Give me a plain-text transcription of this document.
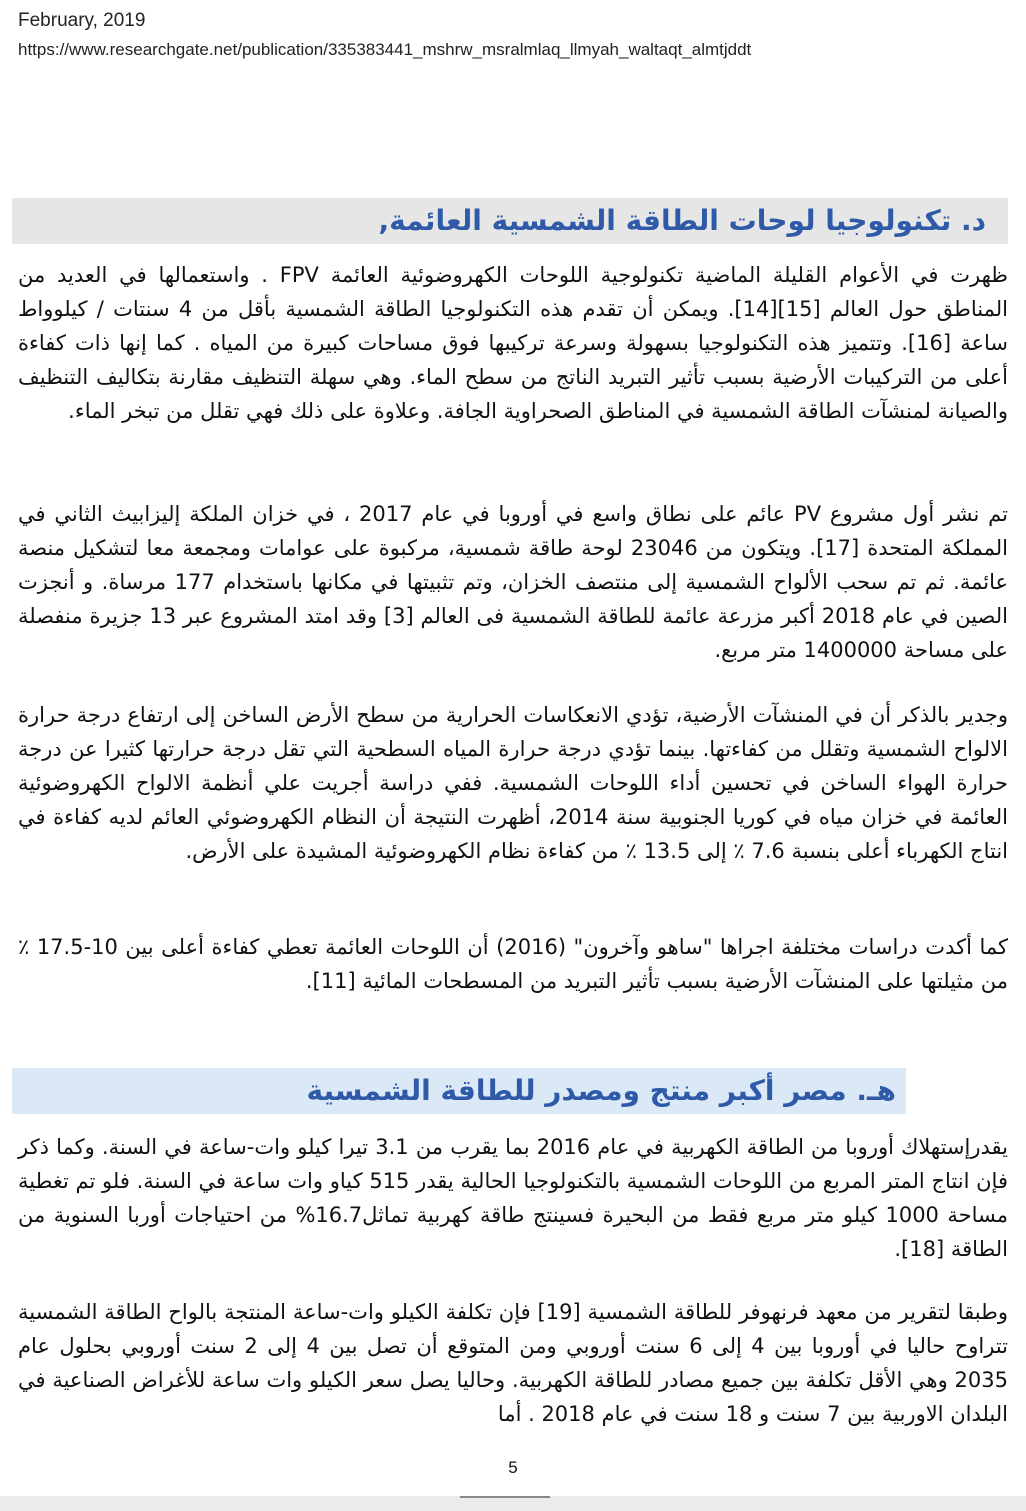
February, 2019
https://www.researchgate.net/publication/335383441_mshrw_msralmlaq_llmyah_waltaqt_almtjddt
د. تكنولوجيا لوحات الطاقة الشمسية العائمة,

ظهرت في الأعوام القليلة الماضية تكنولوجية اللوحات الكهروضوئية العائمة FPV . واستعمالها في العديد من المناطق حول العالم [15][14]. ويمكن أن تقدم هذه التكنولوجيا الطاقة الشمسية بأقل من 4 سنتات / كيلوواط ساعة [16]. وتتميز هذه التكنولوجيا بسهولة وسرعة تركيبها فوق مساحات كبيرة من المياه . كما إنها ذات كفاءة أعلى من التركيبات الأرضية بسبب تأثير التبريد الناتج من سطح الماء. وهي سهلة التنظيف مقارنة بتكاليف التنظيف والصيانة لمنشآت الطاقة الشمسية في المناطق الصحراوية الجافة. وعلاوة على ذلك فهي تقلل من تبخر الماء.

تم نشر أول مشروع PV عائم على نطاق واسع في أوروبا في عام 2017 ، في خزان الملكة إليزابيث الثاني في المملكة المتحدة [17]. ويتكون من 23046 لوحة طاقة شمسية، مركبوة على عوامات ومجمعة معا لتشكيل منصة عائمة. ثم تم سحب الألواح الشمسية إلى منتصف الخزان، وتم تثبيتها في مكانها باستخدام 177 مرساة. و أنجزت الصين في عام 2018 أكبر مزرعة عائمة للطاقة الشمسية فى العالم [3] وقد امتد المشروع عبر 13 جزيرة منفصلة على مساحة 1400000 متر مربع.

وجدير بالذكر أن في المنشآت الأرضية، تؤدي الانعكاسات الحرارية من سطح الأرض الساخن إلى ارتفاع درجة حرارة الالواح الشمسية وتقلل من كفاءتها. بينما تؤدي درجة حرارة المياه السطحية التي تقل درجة حرارتها كثيرا عن درجة حرارة الهواء الساخن في تحسين أداء اللوحات الشمسية. ففي دراسة أجريت علي أنظمة الالواح الكهروضوئية العائمة في خزان مياه في كوريا الجنوبية سنة 2014، أظهرت النتيجة أن النظام الكهروضوئي العائم لديه كفاءة في انتاج الكهرباء أعلى بنسبة 7.6 ٪ إلى 13.5 ٪ من كفاءة نظام الكهروضوئية المشيدة على الأرض.

كما أكدت دراسات مختلفة اجراها "ساهو وآخرون" (2016) أن اللوحات العائمة تعطي كفاءة أعلى بين 10-17.5 ٪ من مثيلتها على المنشآت الأرضية بسبب تأثير التبريد من المسطحات المائية [11].

هـ. مصر أكبر منتج ومصدر للطاقة الشمسية

يقدرإستهلاك أوروبا من الطاقة الكهربية في عام 2016 بما يقرب من 3.1 تيرا كيلو وات-ساعة في السنة. وكما ذكر فإن انتاج المتر المربع من اللوحات الشمسية بالتكنولوجيا الحالية يقدر 515 كياو وات ساعة في السنة. فلو تم تغطية مساحة 1000 كيلو متر مربع فقط من البحيرة فسينتج طاقة كهربية تماثل16.7% من احتياجات أوربا السنوية من الطاقة [18].

وطبقا لتقرير من معهد فرنهوفر للطاقة الشمسية [19] فإن تكلفة الكيلو وات-ساعة المنتجة بالواح الطاقة الشمسية تتراوح حاليا في أوروبا بين 4 إلى 6 سنت أوروبي ومن المتوقع أن تصل بين 4 إلى 2 سنت أوروبي بحلول عام 2035 وهي الأقل تكلفة بين جميع مصادر للطاقة الكهربية. وحاليا يصل سعر الكيلو وات ساعة للأغراض الصناعية في البلدان الاوربية بين 7 سنت و 18 سنت في عام 2018 . أما

5
